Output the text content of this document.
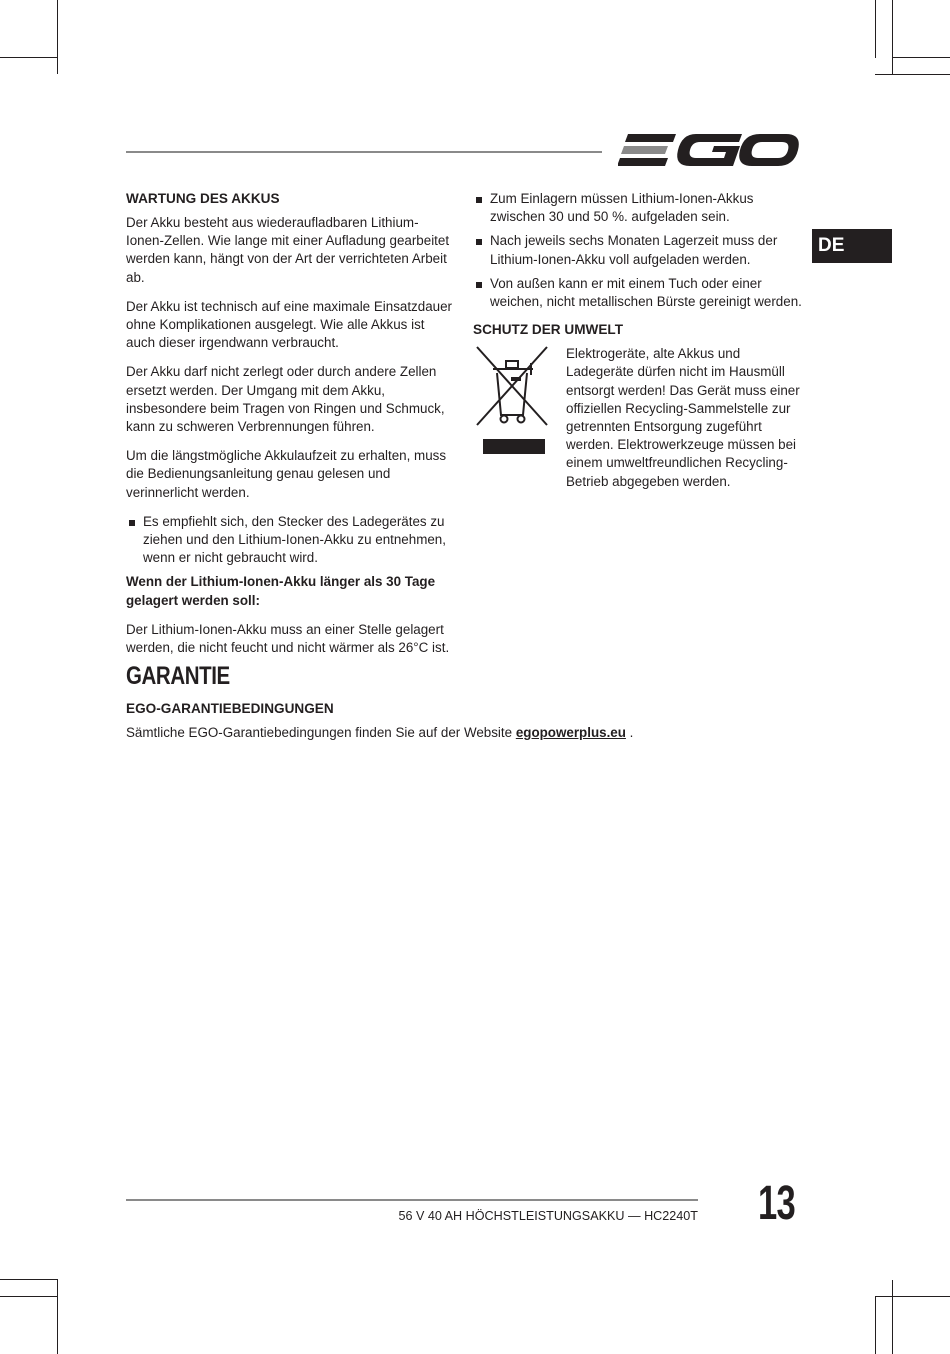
DE
WARTUNG DES AKKUS

Der Akku besteht aus wiederaufladbaren Lithium-Ionen-Zellen. Wie lange mit einer Aufladung gearbeitet werden kann, hängt von der Art der verrichteten Arbeit ab.

Der Akku ist technisch auf eine maximale Einsatzdauer ohne Komplikationen ausgelegt. Wie alle Akkus ist auch dieser irgendwann verbraucht.

Der Akku darf nicht zerlegt oder durch andere Zellen ersetzt werden. Der Umgang mit dem Akku, insbesondere beim Tragen von Ringen und Schmuck, kann zu schweren Verbrennungen führen.

Um die längstmögliche Akkulaufzeit zu erhalten, muss die Bedienungsanleitung genau gelesen und verinnerlicht werden.

Es empfiehlt sich, den Stecker des Ladegerätes zu ziehen und den Lithium-Ionen-Akku zu entnehmen, wenn er nicht gebraucht wird.

Wenn der Lithium-Ionen-Akku länger als 30 Tage gelagert werden soll:

Der Lithium-Ionen-Akku muss an einer Stelle gelagert werden, die nicht feucht und nicht wärmer als 26°C ist.

Zum Einlagern müssen Lithium-Ionen-Akkus zwischen 30 und 50 %. aufgeladen sein.
Nach jeweils sechs Monaten Lagerzeit muss der Lithium-Ionen-Akku voll aufgeladen werden.
Von außen kann er mit einem Tuch oder einer weichen, nicht metallischen Bürste gereinigt werden.
SCHUTZ DER UMWELT

Elektrogeräte, alte Akkus und Ladegeräte dürfen nicht im Hausmüll entsorgt werden! Das Gerät muss einer offiziellen Recycling-Sammelstelle zur getrennten Entsorgung zugeführt werden. Elektrowerkzeuge müssen bei einem umweltfreundlichen Recycling-Betrieb abgegeben werden.

GARANTIE
EGO-GARANTIEBEDINGUNGEN

Sämtliche EGO-Garantiebedingungen finden Sie auf der Website egopowerplus.eu .

56 V 40 AH HÖCHSTLEISTUNGSAKKU — HC2240T 13
